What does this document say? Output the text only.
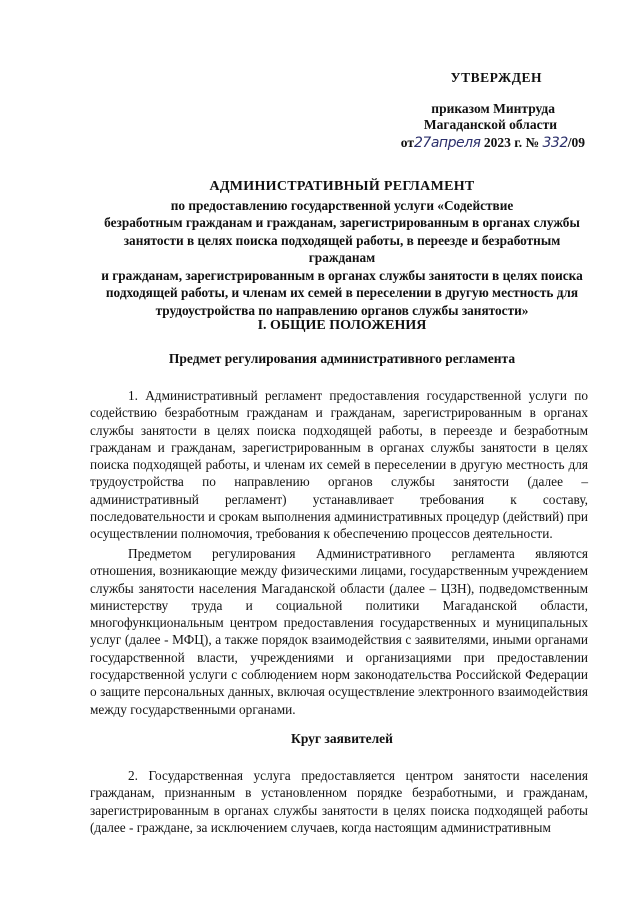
УТВЕРЖДЕН
приказом Минтруда
Магаданской области
от27апреля 2023 г. № 332/09
АДМИНИСТРАТИВНЫЙ РЕГЛАМЕНТ
по предоставлению государственной услуги «Содействие
безработным гражданам и гражданам, зарегистрированным в органах службы
занятости в целях поиска подходящей работы, в переезде и безработным гражданам
и гражданам, зарегистрированным в органах службы занятости в целях поиска
подходящей работы, и членам их семей в переселении в другую местность для
трудоустройства по направлению органов службы занятости»
I. ОБЩИЕ ПОЛОЖЕНИЯ
Предмет регулирования административного регламента
1. Административный регламент предоставления государственной услуги по содействию безработным гражданам и гражданам, зарегистрированным в органах службы занятости в целях поиска подходящей работы, в переезде и безработным гражданам и гражданам, зарегистрированным в органах службы занятости в целях поиска подходящей работы, и членам их семей в переселении в другую местность для трудоустройства по направлению органов службы занятости (далее – административный регламент) устанавливает требования к составу, последовательности и срокам выполнения административных процедур (действий) при осуществлении полномочия, требования к обеспечению процессов деятельности.
Предметом регулирования Административного регламента являются отношения, возникающие между физическими лицами, государственным учреждением службы занятости населения Магаданской области (далее – ЦЗН), подведомственным министерству труда и социальной политики Магаданской области, многофункциональным центром предоставления государственных и муниципальных услуг (далее - МФЦ), а также порядок взаимодействия с заявителями, иными органами государственной власти, учреждениями и организациями при предоставлении государственной услуги с соблюдением норм законодательства Российской Федерации о защите персональных данных, включая осуществление электронного взаимодействия между государственными органами.
Круг заявителей
2. Государственная услуга предоставляется центром занятости населения гражданам, признанным в установленном порядке безработными, и гражданам, зарегистрированным в органах службы занятости в целях поиска подходящей работы (далее - граждане, за исключением случаев, когда настоящим административным
